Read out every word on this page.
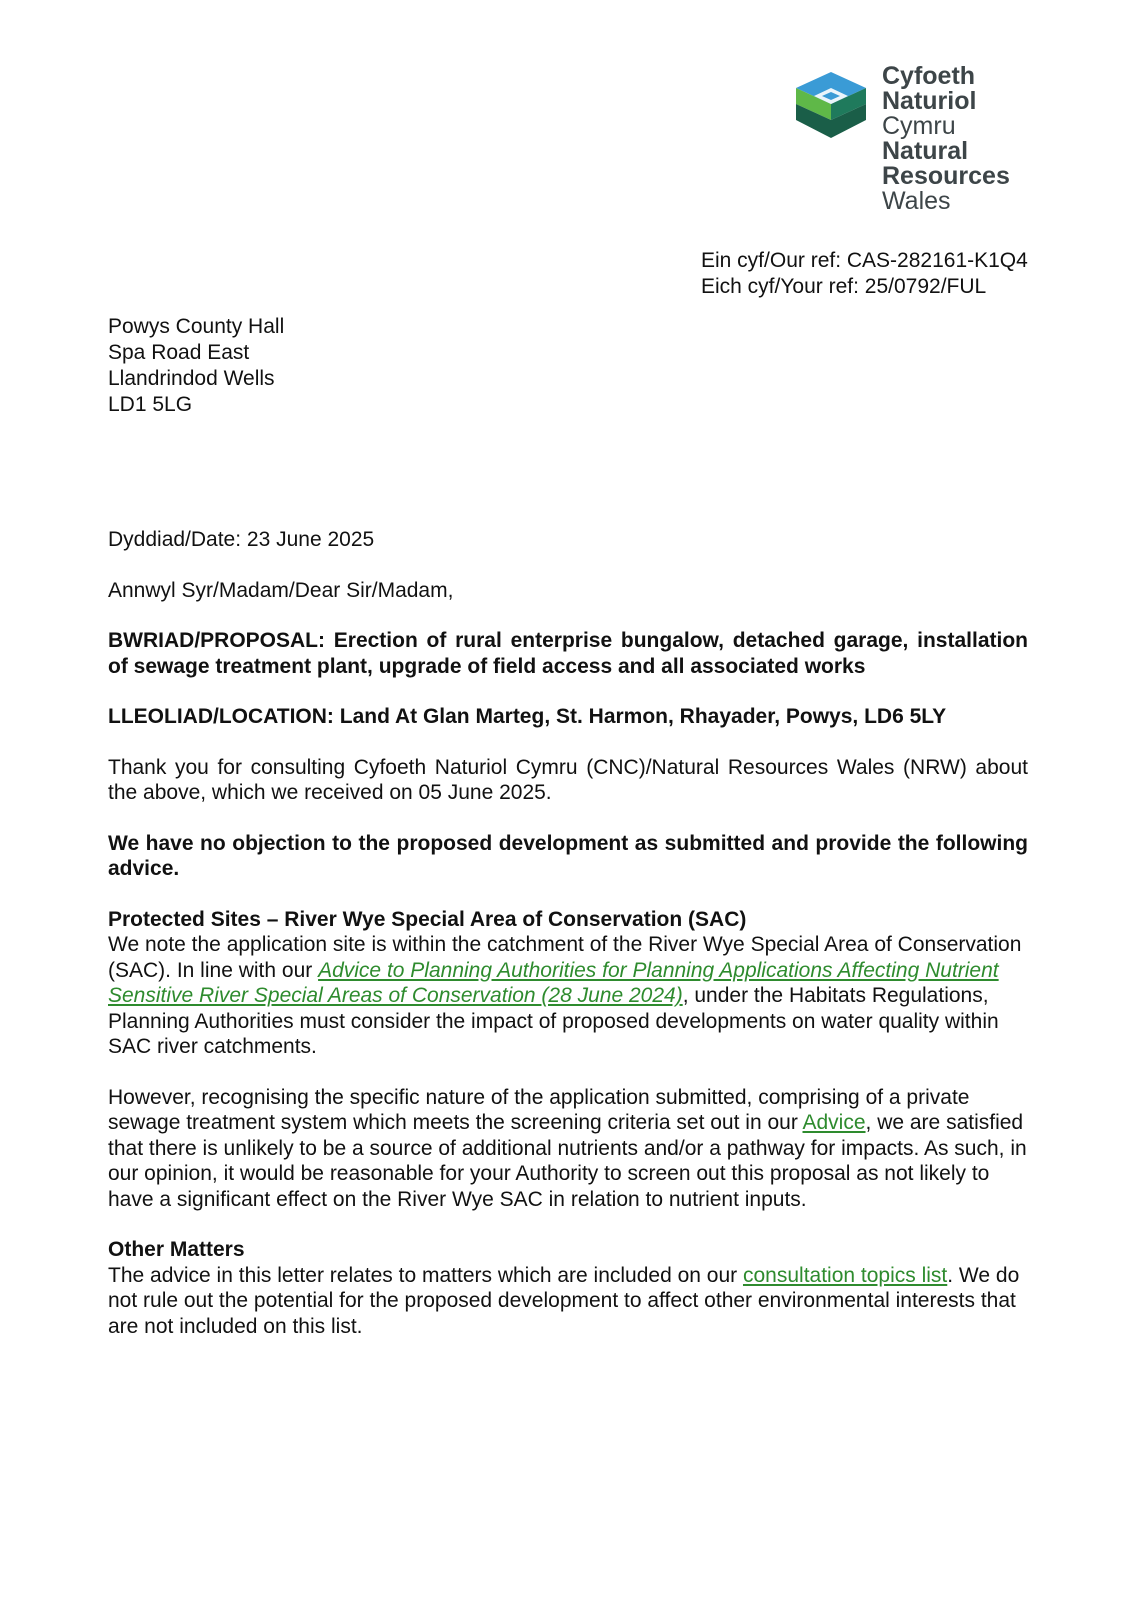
Cyfoeth
Naturiol
Cymru
Natural
Resources
Wales
Ein cyf/Our ref: CAS-282161-K1Q4
Eich cyf/Your ref: 25/0792/FUL
Powys County Hall
Spa Road East
Llandrindod Wells
LD1 5LG

Dyddiad/Date: 23 June 2025

Annwyl Syr/Madam/Dear Sir/Madam,

BWRIAD/PROPOSAL: Erection of rural enterprise bungalow, detached garage, installation of sewage treatment plant, upgrade of field access and all associated works

LLEOLIAD/LOCATION: Land At Glan Marteg, St. Harmon, Rhayader, Powys, LD6 5LY

Thank you for consulting Cyfoeth Naturiol Cymru (CNC)/Natural Resources Wales (NRW) about the above, which we received on 05 June 2025.

We have no objection to the proposed development as submitted and provide the following advice.

Protected Sites – River Wye Special Area of Conservation (SAC)
We note the application site is within the catchment of the River Wye Special Area of Conservation (SAC). In line with our Advice to Planning Authorities for Planning Applications Affecting Nutrient Sensitive River Special Areas of Conservation (28 June 2024), under the Habitats Regulations, Planning Authorities must consider the impact of proposed developments on water quality within SAC river catchments.

However, recognising the specific nature of the application submitted, comprising of a private sewage treatment system which meets the screening criteria set out in our Advice, we are satisfied that there is unlikely to be a source of additional nutrients and/or a pathway for impacts. As such, in our opinion, it would be reasonable for your Authority to screen out this proposal as not likely to have a significant effect on the River Wye SAC in relation to nutrient inputs.

Other Matters
The advice in this letter relates to matters which are included on our consultation topics list. We do not rule out the potential for the proposed development to affect other environmental interests that are not included on this list.
